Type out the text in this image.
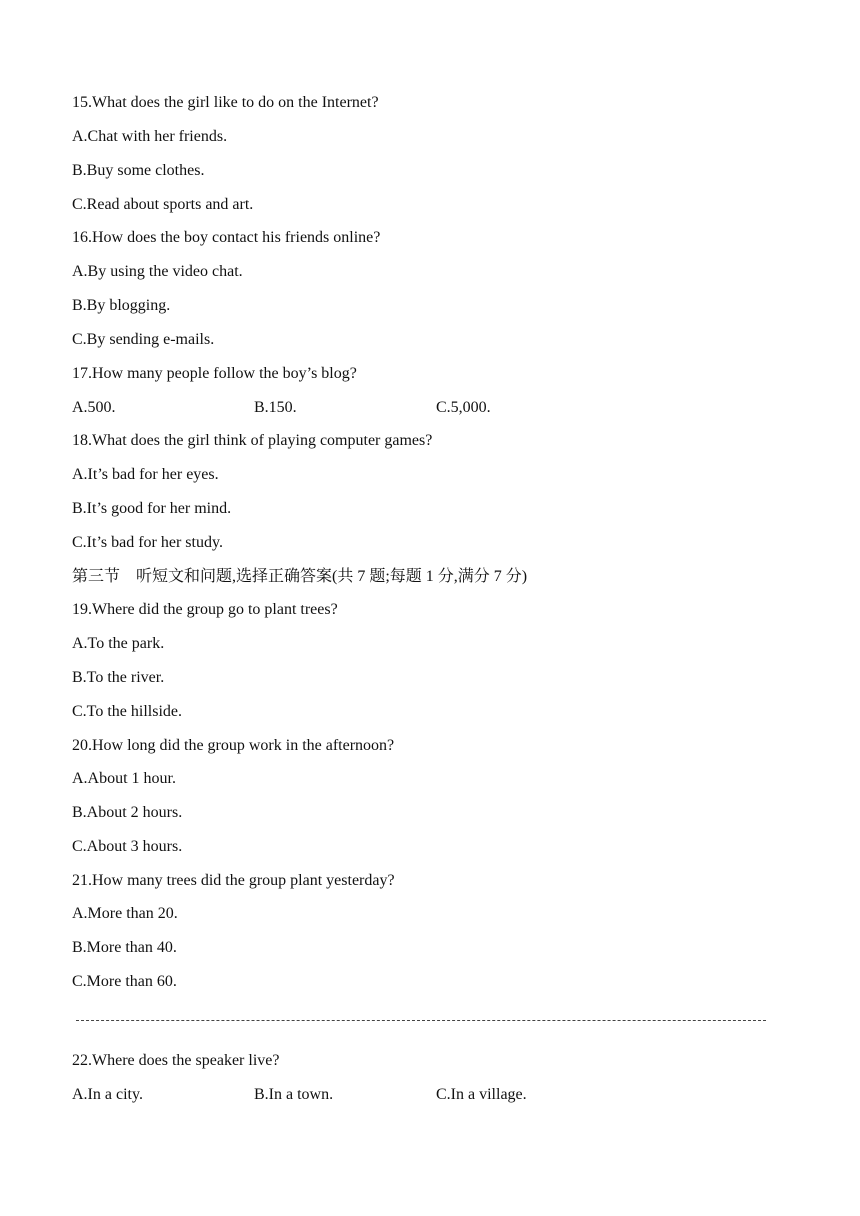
15.What does the girl like to do on the Internet?
A.Chat with her friends.
B.Buy some clothes.
C.Read about sports and art.
16.How does the boy contact his friends online?
A.By using the video chat.
B.By blogging.
C.By sending e-mails.
17.How many people follow the boy’s blog?
A.500.	B.150.	C.5,000.
18.What does the girl think of playing computer games?
A.It’s bad for her eyes.
B.It’s good for her mind.
C.It’s bad for her study.
第三节　听短文和问题,选择正确答案(共 7 题;每题 1 分,满分 7 分)
19.Where did the group go to plant trees?
A.To the park.
B.To the river.
C.To the hillside.
20.How long did the group work in the afternoon?
A.About 1 hour.
B.About 2 hours.
C.About 3 hours.
21.How many trees did the group plant yesterday?
A.More than 20.
B.More than 40.
C.More than 60.
22.Where does the speaker live?
A.In a city.	B.In a town.	C.In a village.
